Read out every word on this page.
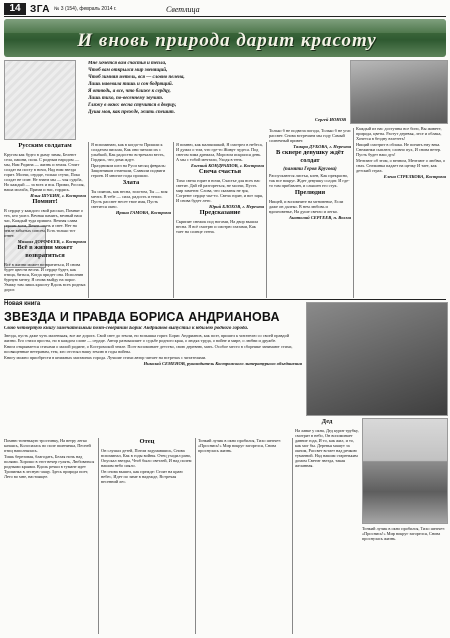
14 ЗГА № 3 (154), февраль 2014 г.	Светлица
И вновь природа дарит красоту

Мне хочется вам счастья и тепла,

Чтоб вам открылся мир звенящий,

Чтоб зимняя метель, вся — словно пелена,

Лишь навевала тишь и сон бодрящий.

Я отнюдь, а все, что ближе к сердцу,

Лишь тихо, по-весеннему звучит.

Гляжу в окно: весна стучится в дверцу,

Душа моя, как прежде, жить спешит.

Сергей ИОНОВ
Русским солдатам

Кругом как будто в дыму зимы, Белеют села, пашни, поля. С родным народом — мы, Нам Родина — жизнь и земля. Стоит солдат на посту в ночи, Над ним звезда горит. Молчи, сердце, только стучи, Пока солдат не спит. Не знаем мы — чья судьба, Но каждый — за всех и вся. Прими, Россия, наша мольба, Прими и нас, гордясь.

Илья ШУБИН, г. Кострома
Помнят!

В сердце у каждого свой рассказ, Помнят о тех, кто ушел. Вечная память, вечный наш час, Каждый туда пришел. Вечная слава героям всем, Вечен огонь и свет. Нет на земле забытых совсем, Есть только тот ответ.

Михаил ДОРОФЕЕВ, г. Кострома
Всё в жизни может возвратиться

Всё в жизни может возвратиться, И снова будет цвести весна. И сердце будет, как птица, биться, Когда придет она. Исполнив бурную мечту, Я снова выйду на порог. Увижу там лишь красоту Вдоль всех родных дорог.

Я вспоминаю, как в когда-то Пришли к солдатам письма, Как они читали их с улыбкой, Как радостно встречали весть, Гордясь, что дома ждут.

Праздником шел на Руси месяц февраль: Защитников отмечали, Славили подвиги героев. И многие годы прошли.

Злата

Ты сияешь, как весна, золотом, Ты — моя мечта. В тебе — сила, радость и тепло. Пусть рассвет несет твое имя, Пусть светится окно.

Ирина ГАМОВА, Кострома

Я помню, как мальчишкой, Я смотрел в небеса, И думал о том, что где-то Живут чудеса. Под снегом зима дремала, Морозом искрился день. А мы с тобой мечтали, Уходя в тень.

Евгений КОНДРАШОВ, г. Кострома
Свеча счастья

Тихо свеча горит в ночи, Счастье для всех нас светит. Дай ей разгореться, не молчи, Пусть мир заметит. Слова, что сказаны не зря, Согреют сердце чье-то. Свеча горит, и вот заря, И снова будет лето.

Юрий БЛОХОВ, г. Нерехта
Предсказание

Скрипит снежок под ногами, На двор вышла весна. Я всё смотрю и смотрю глазами, Как тает на солнце стена.

Только б не подвела погода, Только б не угас рассвет. Снова встречаем мы году Самый солнечный привет.

Тамара ДУБОВА, г. Нерехта
В сквере девушку ждёт солдат
(памяти Героя Кругова)

Распускаются листья, клен, Как прекрасно, так все вокруг. Ждет девушку солдат. И где-то там прибавлен, и слышен его стук.

Прелюдия

Нищей, и вспомните на мгновенье, Если даже он далеко. В нем любовь и вдохновенье, На душе светло и легко.

Анатолий СЕРГЕЕВ, п. Вохма

Каждый из нас доступны все боги, Вы живете, природа, цветы. Растут деревья, лесе и облака, Хочется в бездну взлететь!

Нищий смотрит в облака. Не понять ему века. Снежинки сыплют, словно пух, И снова ветер. Пусть будет наш дух!

Мечтают об этом, о вечном, Мечтают о любви, о снах. Снежинка падает на щечку И тает, как детский страх.

Елена СТРЕЛКОВА, Кострома
Новая книга
ЗВЕЗДА И ПРАВДА БОРИСА АНДРИАНОВА

Свою четвертую книгу замечательный поэт-северянин Борис Андрианов выпустил к юбилею родного города.

Звезда, пусть даже чуть маленькая, все же дорога. Свой свет до земли, но вспышка горит. Борис Андрианов, как поэт, пришел к читателю со своей правдой жизни. Его стихи просты, но в каждом слове — сердце. Автор размышляет о судьбе родного края, о людях труда, о войне и мире, о любви и дружбе.

Книга открывается стихами о малой родине, о Костромской земле. Поэт вспоминает детство, свою деревню, мать. Особое место в сборнике занимают стихи, посвященные ветеранам, тем, кто отстоял нашу землю в годы войны.

Книгу можно приобрести в книжных магазинах города. Лучшие стихи автор читает на встречах с читателями.

Николай СЕМЕНОВ, руководитель Костромского литературного объединения

Помню тоненькую тростинку, На ветру легко качаясь, Колосилась во поле пшеничка, Песней птиц наполнялась.

Тишь березовая, благодать, Белая ночь над полями. Хорошо в этот вечер гулять, Любоваться родными краями. Вдоль речки в тумане идет Тропинка в лесную чащу. Здесь природа поет, Лето во мне, настоящее.

Отец

Он слушал детей, Потом задумавшись, Снова вспоминал, Как в годы войны. Отец уходил рано, Опускал звезды, Чтоб было светлей, И над полем нашим небо сияло.

Он снова вышел, как прежде: Стоит на краю небес, Идет по зиме в надежде, Встречая весенний лес.

Тонкий лучик в окно пробился, Тихо шепчет: «Проснись!» Мир вокруг загорелся, Снова проснулась жизнь.

Дед

На лавке у окна, Дед курит трубку, смотрит в небо, Он вспоминает давние года, И то, как жил, и то, как мог бы. Деревья машут за окном, Рассвет встает над речкою туманной. Над нашим стареньким домом Светит звезда, такая желанная.

Тонкий лучик в окно пробился, Тихо шепчет: «Проснись!» Мир вокруг загорелся, Снова проснулась жизнь.
